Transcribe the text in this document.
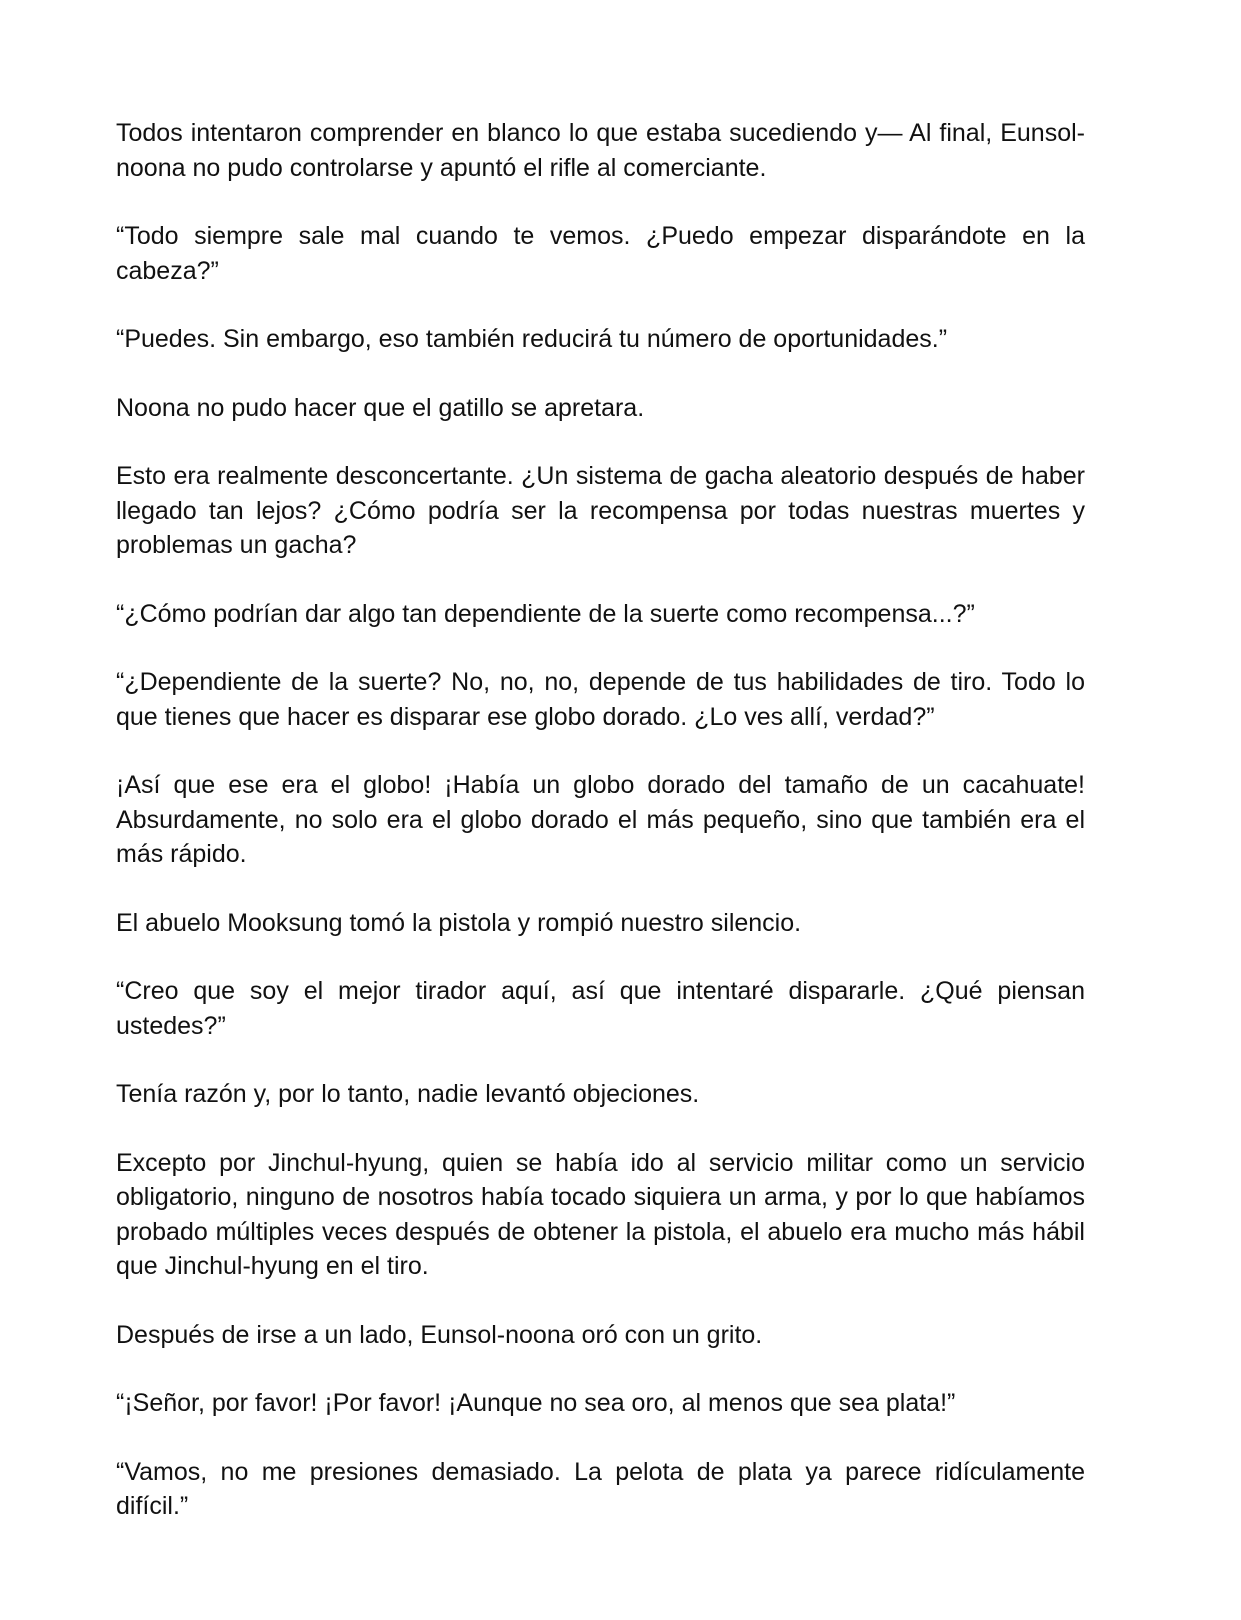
Todos intentaron comprender en blanco lo que estaba sucediendo y— Al final, Eunsol-noona no pudo controlarse y apuntó el rifle al comerciante.

“Todo siempre sale mal cuando te vemos. ¿Puedo empezar disparándote en la cabeza?”

“Puedes. Sin embargo, eso también reducirá tu número de oportunidades.”

Noona no pudo hacer que el gatillo se apretara.

Esto era realmente desconcertante. ¿Un sistema de gacha aleatorio después de haber llegado tan lejos? ¿Cómo podría ser la recompensa por todas nuestras muertes y problemas un gacha?

“¿Cómo podrían dar algo tan dependiente de la suerte como recompensa...?”

“¿Dependiente de la suerte? No, no, no, depende de tus habilidades de tiro. Todo lo que tienes que hacer es disparar ese globo dorado. ¿Lo ves allí, verdad?”

¡Así que ese era el globo! ¡Había un globo dorado del tamaño de un cacahuate! Absurdamente, no solo era el globo dorado el más pequeño, sino que también era el más rápido.

El abuelo Mooksung tomó la pistola y rompió nuestro silencio.

“Creo que soy el mejor tirador aquí, así que intentaré dispararle. ¿Qué piensan ustedes?”

Tenía razón y, por lo tanto, nadie levantó objeciones.

Excepto por Jinchul-hyung, quien se había ido al servicio militar como un servicio obligatorio, ninguno de nosotros había tocado siquiera un arma, y por lo que habíamos probado múltiples veces después de obtener la pistola, el abuelo era mucho más hábil que Jinchul-hyung en el tiro.

Después de irse a un lado, Eunsol-noona oró con un grito.

“¡Señor, por favor! ¡Por favor! ¡Aunque no sea oro, al menos que sea plata!”

“Vamos, no me presiones demasiado. La pelota de plata ya parece ridículamente difícil.”
